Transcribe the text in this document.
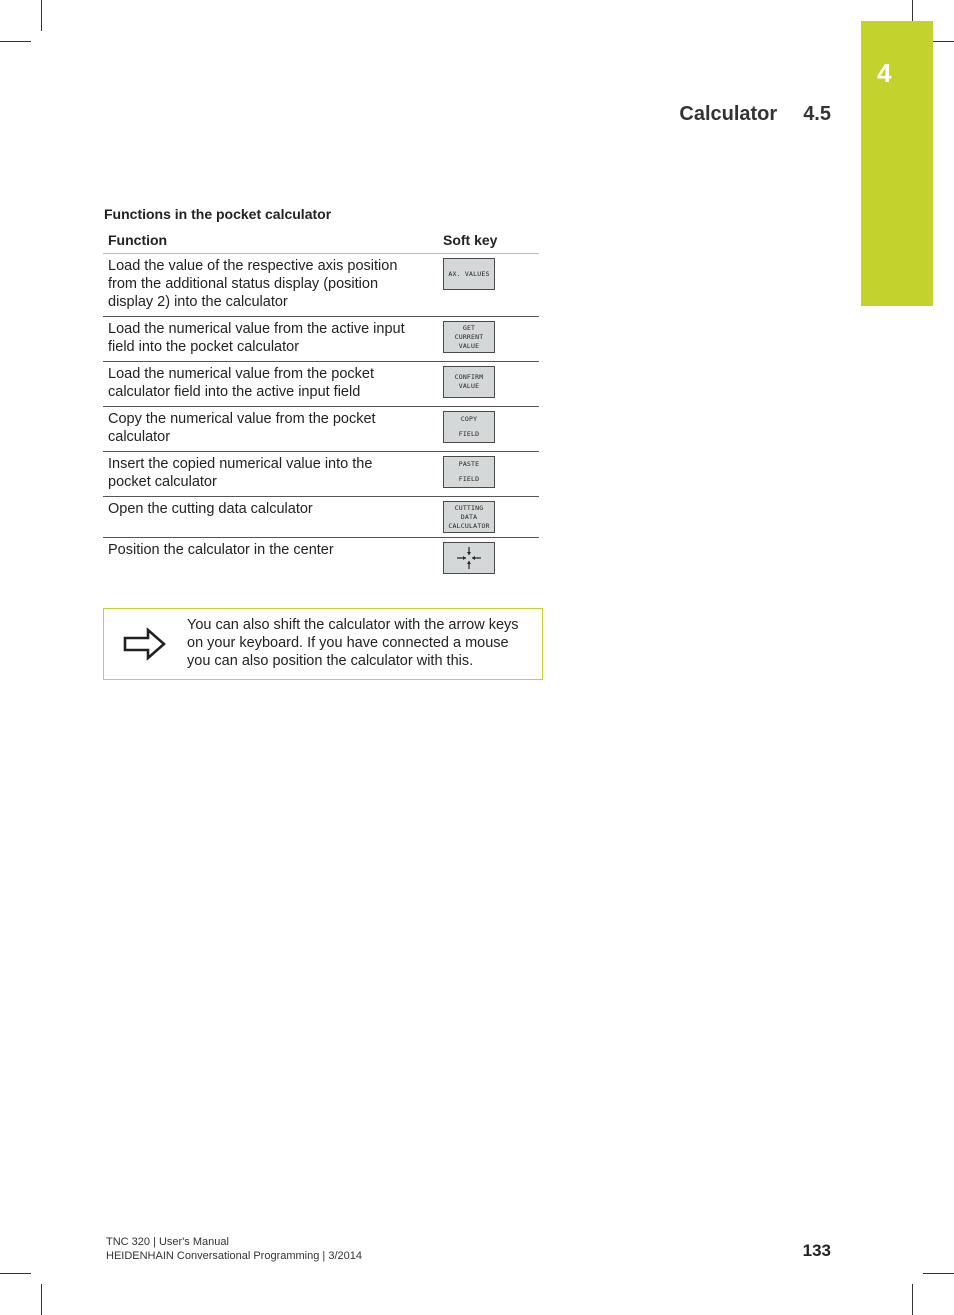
4
Calculator 4.5
Functions in the pocket calculator
Function	Soft key
Load the value of the respective axis position from the additional status display (position display 2) into the calculator	AX. VALUES

Load the numerical value from the active input field into the pocket calculator	GET
CURRENT
VALUE

Load the numerical value from the pocket calculator field into the active input field	CONFIRM
VALUE

Copy the numerical value from the pocket calculator	COPY
FIELD

Insert the copied numerical value into the pocket calculator	PASTE
FIELD

Open the cutting data calculator	CUTTING
DATA
CALCULATOR

Position the calculator in the center	
You can also shift the calculator with the arrow keys on your keyboard. If you have connected a mouse you can also position the calculator with this.
TNC 320 | User's Manual
HEIDENHAIN Conversational Programming | 3/2014	133
